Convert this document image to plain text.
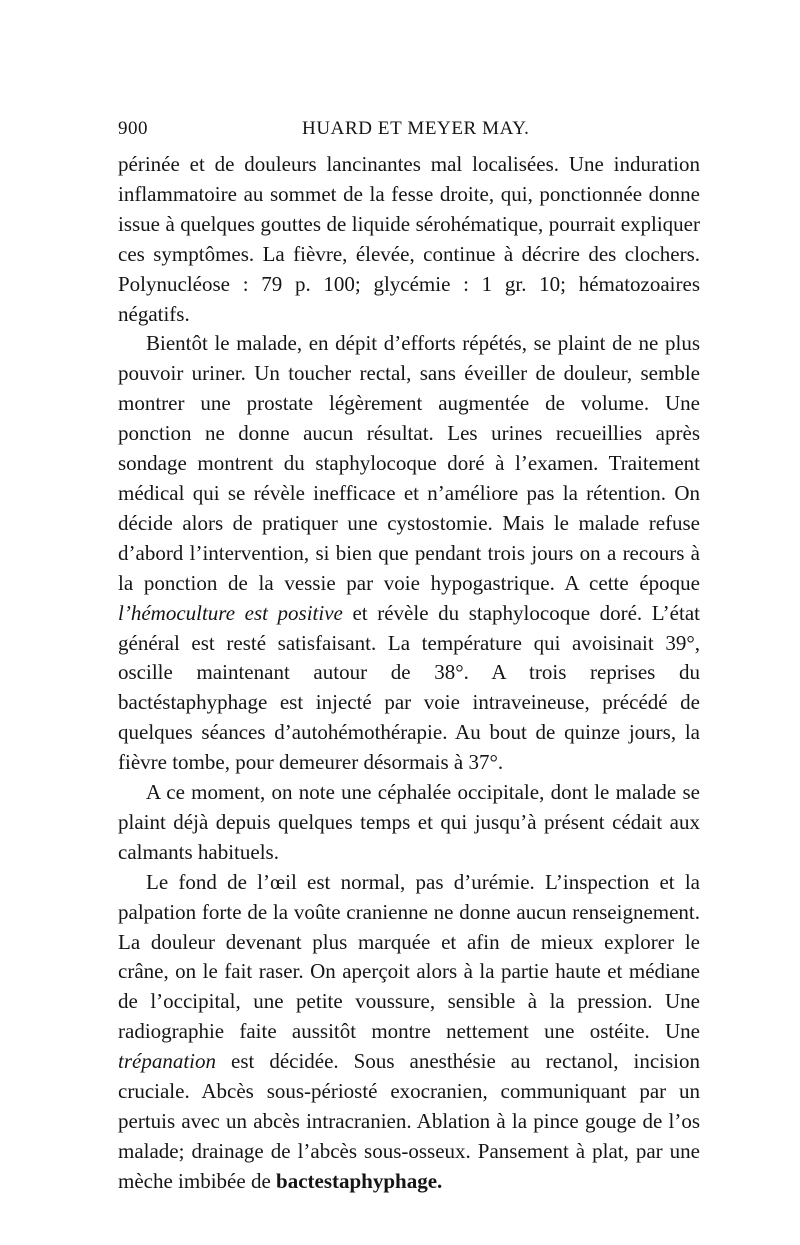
900	HUARD ET MEYER MAY.

périnée et de douleurs lancinantes mal localisées. Une induration inflammatoire au sommet de la fesse droite, qui, ponctionnée donne issue à quelques gouttes de liquide sérohématique, pourrait expliquer ces symptômes. La fièvre, élevée, continue à décrire des clochers. Polynucléose : 79 p. 100; glycémie : 1 gr. 10; hématozoaires négatifs.

Bientôt le malade, en dépit d’efforts répétés, se plaint de ne plus pouvoir uriner. Un toucher rectal, sans éveiller de douleur, semble montrer une prostate légèrement augmentée de volume. Une ponction ne donne aucun résultat. Les urines recueillies après sondage montrent du staphylocoque doré à l’examen. Traitement médical qui se révèle inefficace et n’améliore pas la rétention. On décide alors de pratiquer une cystostomie. Mais le malade refuse d’abord l’intervention, si bien que pendant trois jours on a recours à la ponction de la vessie par voie hypogastrique. A cette époque l’hémoculture est positive et révèle du staphylocoque doré. L’état général est resté satisfaisant. La température qui avoisinait 39°, oscille maintenant autour de 38°. A trois reprises du bactéstaphyphage est injecté par voie intraveineuse, précédé de quelques séances d’autohémothérapie. Au bout de quinze jours, la fièvre tombe, pour demeurer désormais à 37°.

A ce moment, on note une céphalée occipitale, dont le malade se plaint déjà depuis quelques temps et qui jusqu’à présent cédait aux calmants habituels.

Le fond de l’œil est normal, pas d’urémie. L’inspection et la palpation forte de la voûte cranienne ne donne aucun renseignement. La douleur devenant plus marquée et afin de mieux explorer le crâne, on le fait raser. On aperçoit alors à la partie haute et médiane de l’occipital, une petite voussure, sensible à la pression. Une radiographie faite aussitôt montre nettement une ostéite. Une trépanation est décidée. Sous anesthésie au rectanol, incision cruciale. Abcès sous-périosté exocranien, communiquant par un pertuis avec un abcès intracranien. Ablation à la pince gouge de l’os malade; drainage de l’abcès sous-osseux. Pansement à plat, par une mèche imbibée de bactestaphyphage.
